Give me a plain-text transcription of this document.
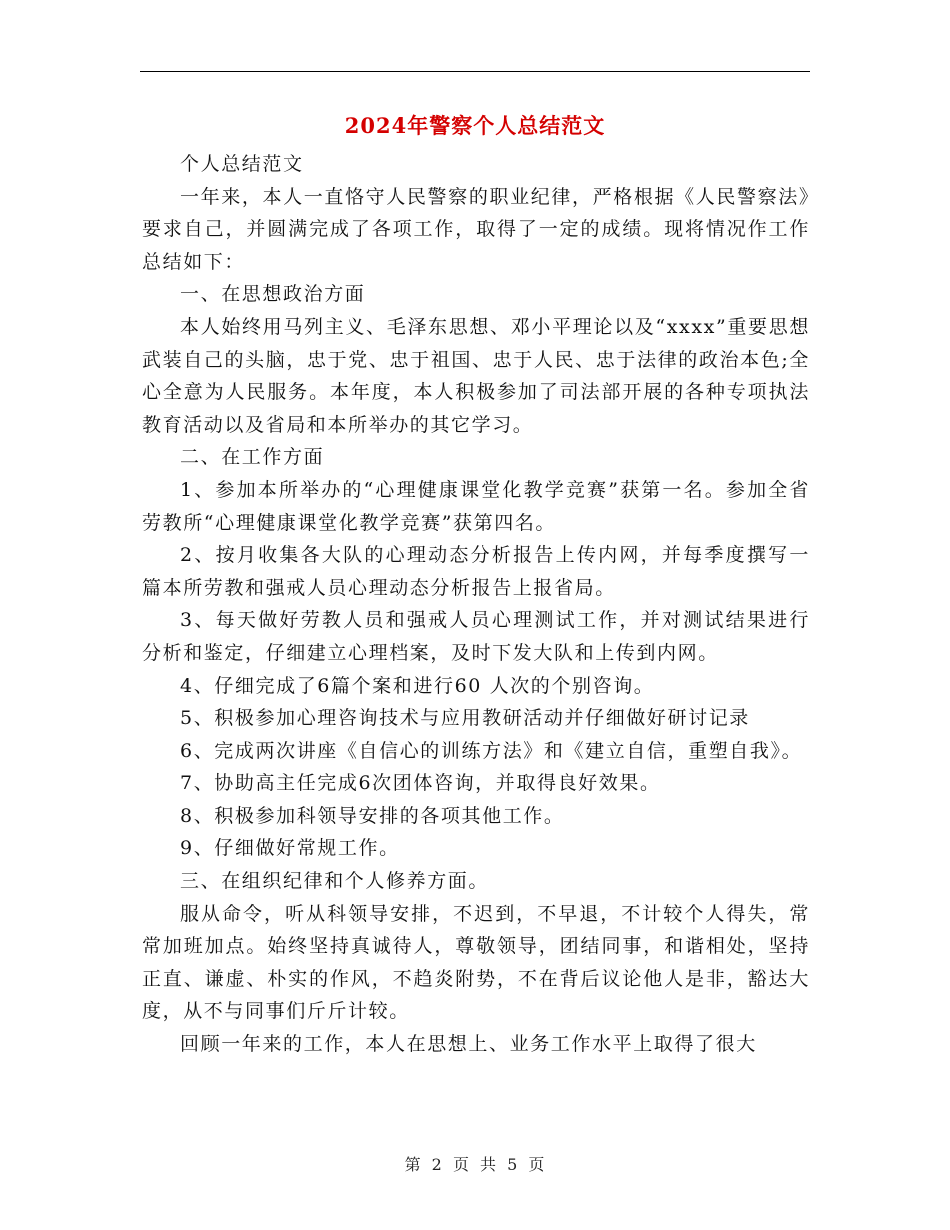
2024年警察个人总结范文

个人总结范文

一年来，本人一直恪守人民警察的职业纪律，严格根据《人民警察法》要求自己，并圆满完成了各项工作，取得了一定的成绩。现将情况作工作总结如下：

一、在思想政治方面

本人始终用马列主义、毛泽东思想、邓小平理论以及“xxxx”重要思想武装自己的头脑，忠于党、忠于祖国、忠于人民、忠于法律的政治本色;全心全意为人民服务。本年度，本人积极参加了司法部开展的各种专项执法教育活动以及省局和本所举办的其它学习。

二、在工作方面

1、参加本所举办的“心理健康课堂化教学竞赛”获第一名。参加全省劳教所“心理健康课堂化教学竞赛”获第四名。

2、按月收集各大队的心理动态分析报告上传内网，并每季度撰写一篇本所劳教和强戒人员心理动态分析报告上报省局。

3、每天做好劳教人员和强戒人员心理测试工作，并对测试结果进行分析和鉴定，仔细建立心理档案，及时下发大队和上传到内网。

4、仔细完成了6篇个案和进行60 人次的个别咨询。

5、积极参加心理咨询技术与应用教研活动并仔细做好研讨记录

6、完成两次讲座《自信心的训练方法》和《建立自信，重塑自我》。

7、协助高主任完成6次团体咨询，并取得良好效果。

8、积极参加科领导安排的各项其他工作。

9、仔细做好常规工作。

三、在组织纪律和个人修养方面。

服从命令，听从科领导安排，不迟到，不早退，不计较个人得失，常常加班加点。始终坚持真诚待人，尊敬领导，团结同事，和谐相处，坚持正直、谦虚、朴实的作风，不趋炎附势，不在背后议论他人是非，豁达大度，从不与同事们斤斤计较。

回顾一年来的工作，本人在思想上、业务工作水平上取得了很大

第 2 页 共 5 页
